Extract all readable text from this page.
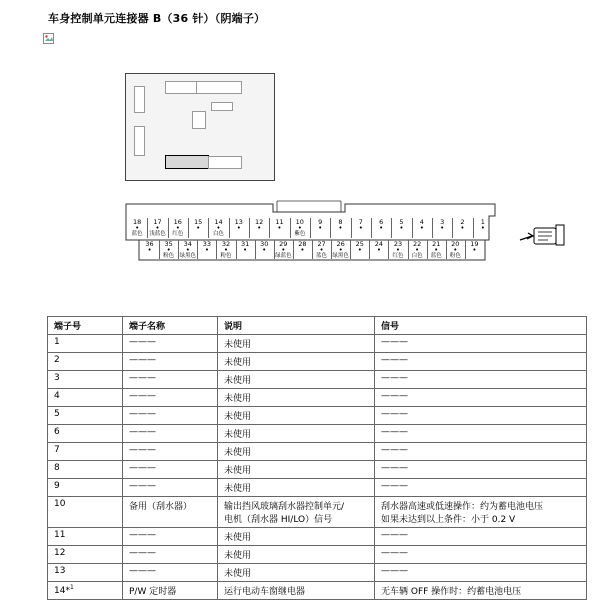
车身控制单元连接器 B（36 针）（阴端子）
18
•
蓝色
17
•
浅蓝色
16
•
红色
15
•
14
•
白色
13
•
12
•
11
•
10
•
紫色
9
•
8
•
7
•
6
•
5
•
4
•
3
•
2
•
1
•
36
•
35
•
粉色
34
•
绿黑色
33
•
32
•
粉色
31
•
30
•
29
•
绿蓝色
28
•
27
•
蓝色
26
•
绿黑色
25
•
24
•
23
•
红色
22
•
白色
21
•
蓝色
20
•
粉色
19
•
端子号	端子名称	说明	信号
1	———	未使用	———
2	———	未使用	———
3	———	未使用	———
4	———	未使用	———
5	———	未使用	———
6	———	未使用	———
7	———	未使用	———
8	———	未使用	———
9	———	未使用	———
10	备用（刮水器）	输出挡风玻璃刮水器控制单元/
电机（刮水器 HI/LO）信号	刮水器高速或低速操作：约为蓄电池电压
如果未达到以上条件：小于 0.2 V
11	———	未使用	———
12	———	未使用	———
13	———	未使用	———
14*$^1$	P/W 定时器	运行电动车窗继电器	无车辆 OFF 操作时：约蓄电池电压
